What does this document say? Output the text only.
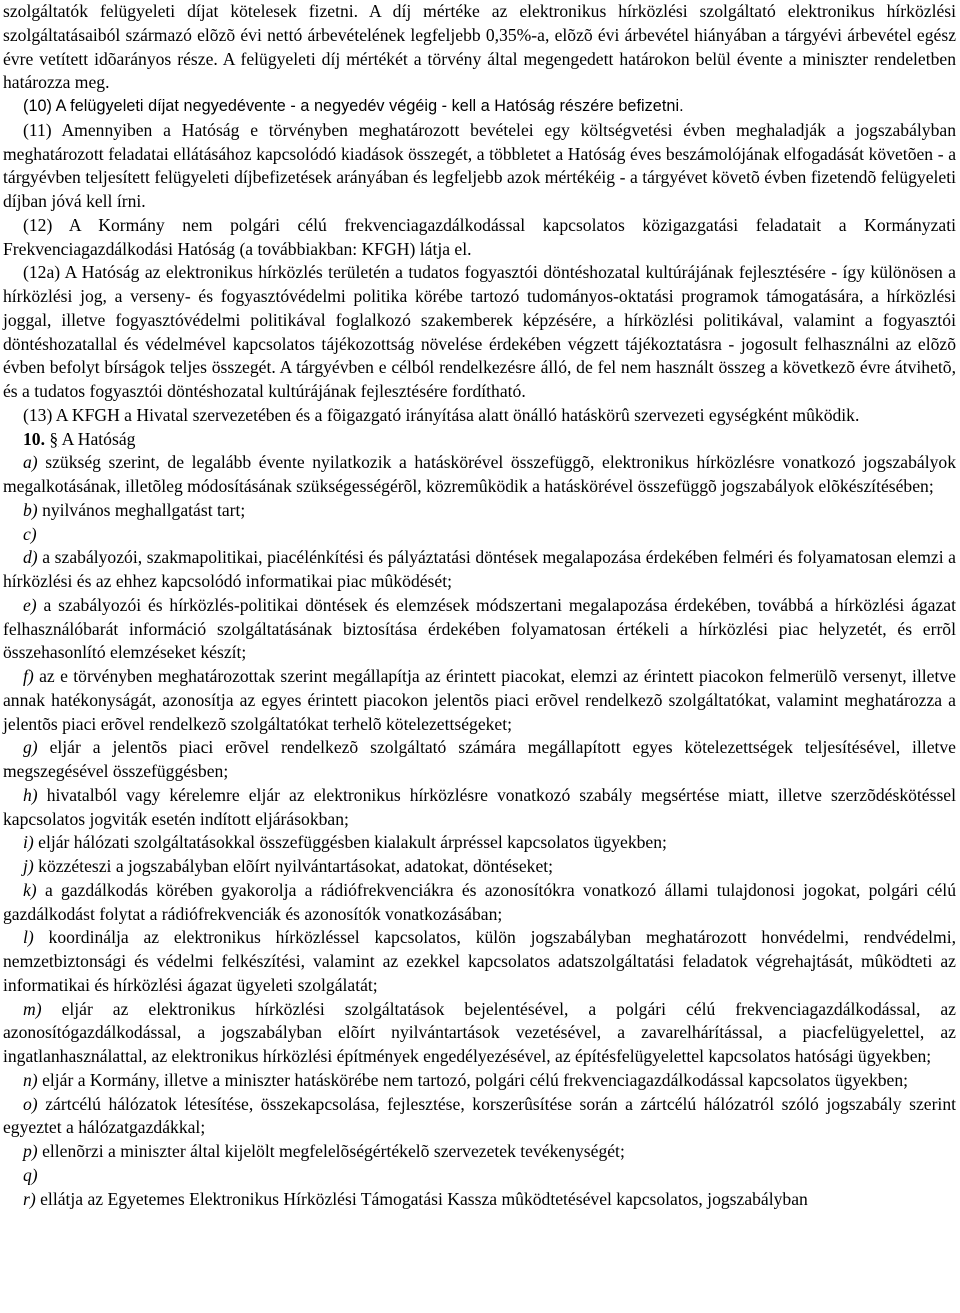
szolgáltatók felügyeleti díjat kötelesek fizetni. A díj mértéke az elektronikus hírközlési szolgáltató elektronikus hírközlési szolgáltatásaiból származó elõzõ évi nettó árbevételének legfeljebb 0,35%-a, elõzõ évi árbevétel hiányában a tárgyévi árbevétel egész évre vetített idõarányos része. A felügyeleti díj mértékét a törvény által megengedett határokon belül évente a miniszter rendeletben határozza meg.

(10) A felügyeleti díjat negyedévente - a negyedév végéig - kell a Hatóság részére befizetni.

(11) Amennyiben a Hatóság e törvényben meghatározott bevételei egy költségvetési évben meghaladják a jogszabályban meghatározott feladatai ellátásához kapcsolódó kiadások összegét, a többletet a Hatóság éves beszámolójának elfogadását követõen - a tárgyévben teljesített felügyeleti díjbefizetések arányában és legfeljebb azok mértékéig - a tárgyévet követõ évben fizetendõ felügyeleti díjban jóvá kell írni.

(12) A Kormány nem polgári célú frekvenciagazdálkodással kapcsolatos közigazgatási feladatait a Kormányzati Frekvenciagazdálkodási Hatóság (a továbbiakban: KFGH) látja el.

(12a) A Hatóság az elektronikus hírközlés területén a tudatos fogyasztói döntéshozatal kultúrájának fejlesztésére - így különösen a hírközlési jog, a verseny- és fogyasztóvédelmi politika körébe tartozó tudományos-oktatási programok támogatására, a hírközlési joggal, illetve fogyasztóvédelmi politikával foglalkozó szakemberek képzésére, a hírközlési politikával, valamint a fogyasztói döntéshozatallal és védelmével kapcsolatos tájékozottság növelése érdekében végzett tájékoztatásra - jogosult felhasználni az elõzõ évben befolyt bírságok teljes összegét. A tárgyévben e célból rendelkezésre álló, de fel nem használt összeg a következõ évre átvihetõ, és a tudatos fogyasztói döntéshozatal kultúrájának fejlesztésére fordítható.

(13) A KFGH a Hivatal szervezetében és a fõigazgató irányítása alatt önálló hatáskörû szervezeti egységként mûködik.

10. § A Hatóság

a) szükség szerint, de legalább évente nyilatkozik a hatáskörével összefüggõ, elektronikus hírközlésre vonatkozó jogszabályok megalkotásának, illetõleg módosításának szükségességérõl, közremûködik a hatáskörével összefüggõ jogszabályok elõkészítésében;

b) nyilvános meghallgatást tart;

c)

d) a szabályozói, szakmapolitikai, piacélénkítési és pályáztatási döntések megalapozása érdekében felméri és folyamatosan elemzi a hírközlési és az ehhez kapcsolódó informatikai piac mûködését;

e) a szabályozói és hírközlés-politikai döntések és elemzések módszertani megalapozása érdekében, továbbá a hírközlési ágazat felhasználóbarát információ szolgáltatásának biztosítása érdekében folyamatosan értékeli a hírközlési piac helyzetét, és errõl összehasonlító elemzéseket készít;

f) az e törvényben meghatározottak szerint megállapítja az érintett piacokat, elemzi az érintett piacokon felmerülõ versenyt, illetve annak hatékonyságát, azonosítja az egyes érintett piacokon jelentõs piaci erõvel rendelkezõ szolgáltatókat, valamint meghatározza a jelentõs piaci erõvel rendelkezõ szolgáltatókat terhelõ kötelezettségeket;

g) eljár a jelentõs piaci erõvel rendelkezõ szolgáltató számára megállapított egyes kötelezettségek teljesítésével, illetve megszegésével összefüggésben;

h) hivatalból vagy kérelemre eljár az elektronikus hírközlésre vonatkozó szabály megsértése miatt, illetve szerzõdéskötéssel kapcsolatos jogviták esetén indított eljárásokban;

i) eljár hálózati szolgáltatásokkal összefüggésben kialakult árpréssel kapcsolatos ügyekben;

j) közzéteszi a jogszabályban elõírt nyilvántartásokat, adatokat, döntéseket;

k) a gazdálkodás körében gyakorolja a rádiófrekvenciákra és azonosítókra vonatkozó állami tulajdonosi jogokat, polgári célú gazdálkodást folytat a rádiófrekvenciák és azonosítók vonatkozásában;

l) koordinálja az elektronikus hírközléssel kapcsolatos, külön jogszabályban meghatározott honvédelmi, rendvédelmi, nemzetbiztonsági és védelmi felkészítési, valamint az ezekkel kapcsolatos adatszolgáltatási feladatok végrehajtását, mûködteti az informatikai és hírközlési ágazat ügyeleti szolgálatát;

m) eljár az elektronikus hírközlési szolgáltatások bejelentésével, a polgári célú frekvenciagazdálkodással, az azonosítógazdálkodással, a jogszabályban elõírt nyilvántartások vezetésével, a zavarelhárítással, a piacfelügyelettel, az ingatlanhasználattal, az elektronikus hírközlési építmények engedélyezésével, az építésfelügyelettel kapcsolatos hatósági ügyekben;

n) eljár a Kormány, illetve a miniszter hatáskörébe nem tartozó, polgári célú frekvenciagazdálkodással kapcsolatos ügyekben;

o) zártcélú hálózatok létesítése, összekapcsolása, fejlesztése, korszerûsítése során a zártcélú hálózatról szóló jogszabály szerint egyeztet a hálózatgazdákkal;

p) ellenõrzi a miniszter által kijelölt megfelelõségértékelõ szervezetek tevékenységét;

q)

r) ellátja az Egyetemes Elektronikus Hírközlési Támogatási Kassza mûködtetésével kapcsolatos, jogszabályban
